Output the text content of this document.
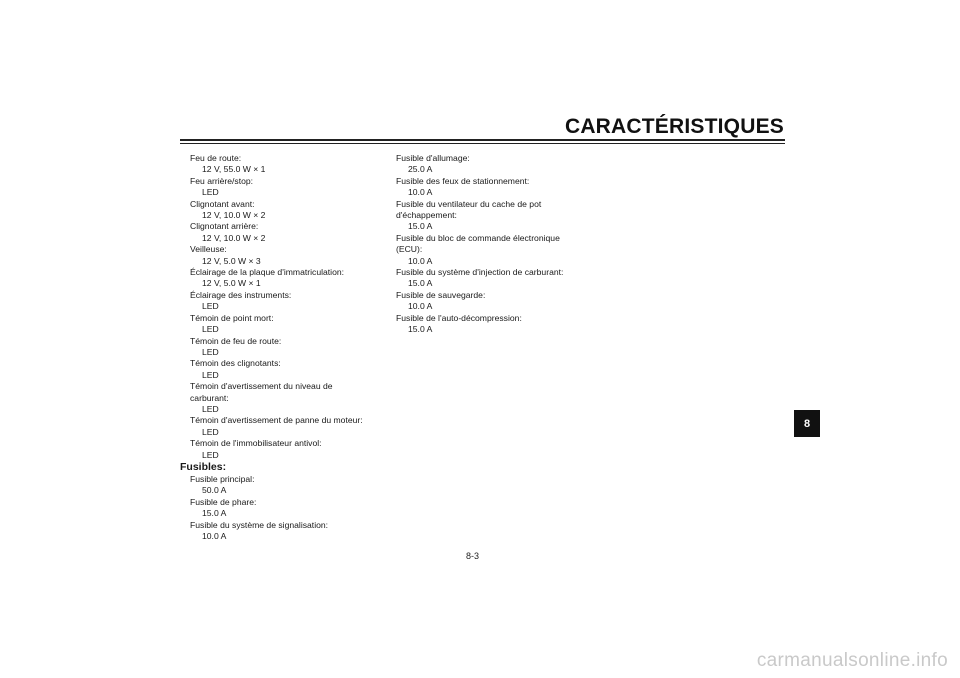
CARACTÉRISTIQUES
Feu de route:
12 V, 55.0 W × 1
Feu arrière/stop:
LED
Clignotant avant:
12 V, 10.0 W × 2
Clignotant arrière:
12 V, 10.0 W × 2
Veilleuse:
12 V, 5.0 W × 3
Éclairage de la plaque d'immatriculation:
12 V, 5.0 W × 1
Éclairage des instruments:
LED
Témoin de point mort:
LED
Témoin de feu de route:
LED
Témoin des clignotants:
LED
Témoin d'avertissement du niveau de carburant:
LED
Témoin d'avertissement de panne du moteur:
LED
Témoin de l'immobilisateur antivol:
LED
Fusibles:
Fusible principal:
50.0 A
Fusible de phare:
15.0 A
Fusible du système de signalisation:
10.0 A
Fusible d'allumage:
25.0 A
Fusible des feux de stationnement:
10.0 A
Fusible du ventilateur du cache de pot d'échappement:
15.0 A
Fusible du bloc de commande électronique (ECU):
10.0 A
Fusible du système d'injection de carburant:
15.0 A
Fusible de sauvegarde:
10.0 A
Fusible de l'auto-décompression:
15.0 A
8
8-3
carmanualsonline.info
